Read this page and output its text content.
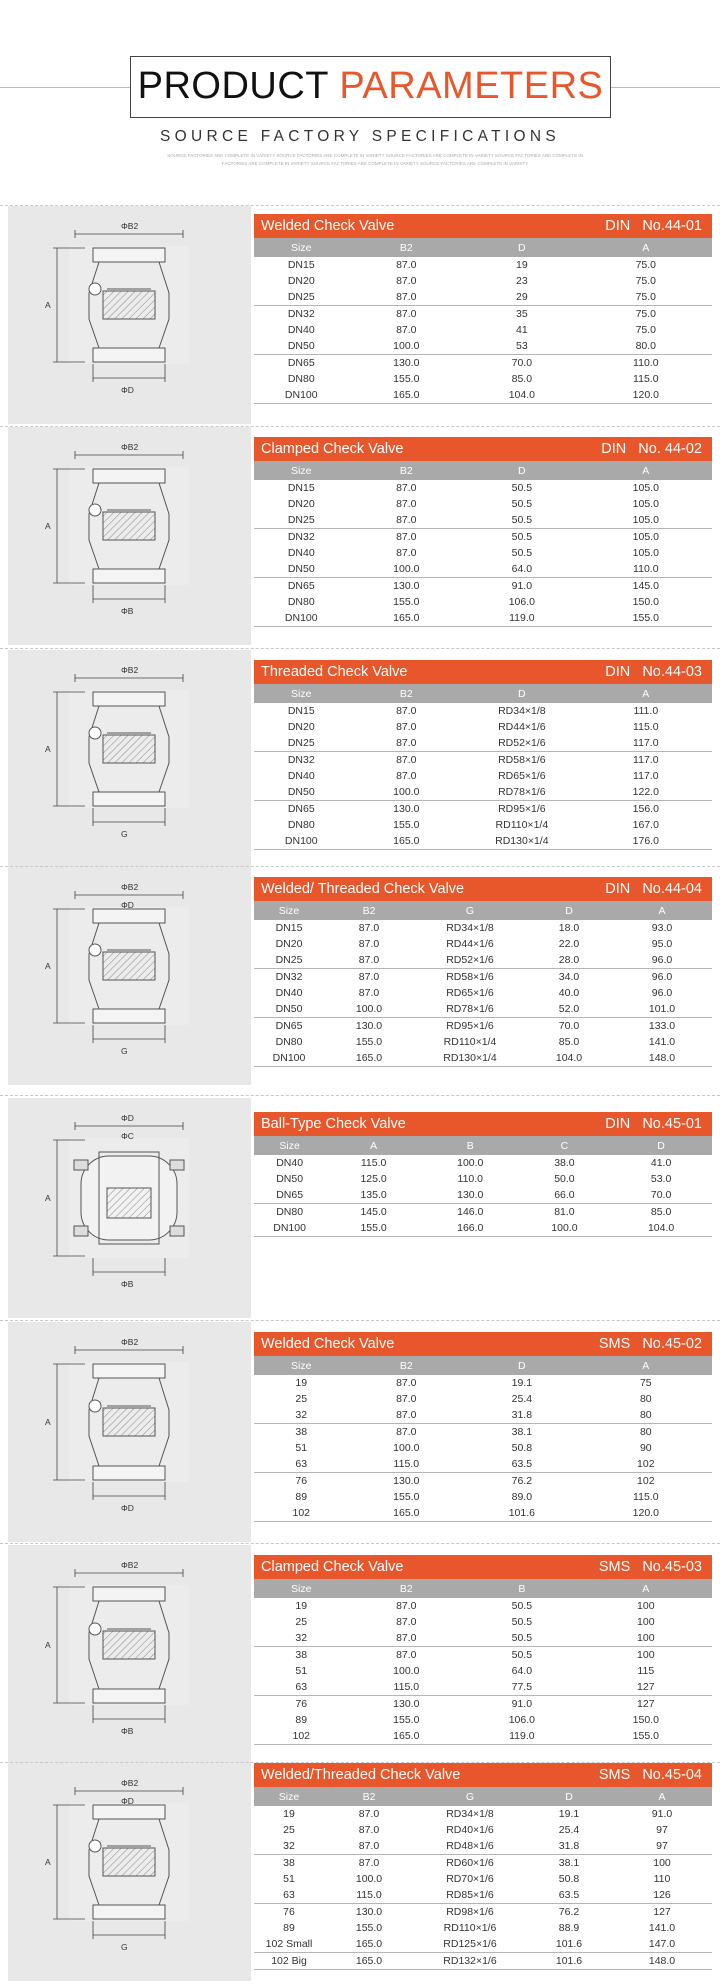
PRODUCT PARAMETERS
SOURCE FACTORY SPECIFICATIONS
SOURCE FACTORIES ARE COMPLETE IN VARIETY SOURCE FACTORIES ARE COMPLETE IN VARIETY SOURCE FACTORIES ARE COMPLETE IN VARIETY SOURCE FACTORIES ARE COMPLETE IN
FACTORIES ARE COMPLETE IN VARIETY SOURCE FACTORIES ARE COMPLETE IN VARIETY SOURCE FACTORIES ARE COMPLETE IN VARIETY
ΦB2
ΦD
A
Welded Check Valve	DIN   No.44-01
Size	B2	D	A
DN15	87.0	19	75.0
DN20	87.0	23	75.0
DN25	87.0	29	75.0
DN32	87.0	35	75.0
DN40	87.0	41	75.0
DN50	100.0	53	80.0
DN65	130.0	70.0	110.0
DN80	155.0	85.0	115.0
DN100	165.0	104.0	120.0
ΦB2
ΦB
A
Clamped Check Valve	DIN   No. 44-02
Size	B2	D	A
DN15	87.0	50.5	105.0
DN20	87.0	50.5	105.0
DN25	87.0	50.5	105.0
DN32	87.0	50.5	105.0
DN40	87.0	50.5	105.0
DN50	100.0	64.0	110.0
DN65	130.0	91.0	145.0
DN80	155.0	106.0	150.0
DN100	165.0	119.0	155.0
ΦB2
G
A
Threaded Check Valve	DIN   No.44-03
Size	B2	D	A
DN15	87.0	RD34×1/8	111.0
DN20	87.0	RD44×1/6	115.0
DN25	87.0	RD52×1/6	117.0
DN32	87.0	RD58×1/6	117.0
DN40	87.0	RD65×1/6	117.0
DN50	100.0	RD78×1/6	122.0
DN65	130.0	RD95×1/6	156.0
DN80	155.0	RD110×1/4	167.0
DN100	165.0	RD130×1/4	176.0
ΦB2
ΦD
G
A
Welded/ Threaded Check Valve	DIN   No.44-04
Size	B2	G	D	A
DN15	87.0	RD34×1/8	18.0	93.0
DN20	87.0	RD44×1/6	22.0	95.0
DN25	87.0	RD52×1/6	28.0	96.0
DN32	87.0	RD58×1/6	34.0	96.0
DN40	87.0	RD65×1/6	40.0	96.0
DN50	100.0	RD78×1/6	52.0	101.0
DN65	130.0	RD95×1/6	70.0	133.0
DN80	155.0	RD110×1/4	85.0	141.0
DN100	165.0	RD130×1/4	104.0	148.0
ΦD
ΦC
ΦB
A
Ball-Type Check Valve	DIN   No.45-01
Size	A	B	C	D
DN40	115.0	100.0	38.0	41.0
DN50	125.0	110.0	50.0	53.0
DN65	135.0	130.0	66.0	70.0
DN80	145.0	146.0	81.0	85.0
DN100	155.0	166.0	100.0	104.0
ΦB2
ΦD
A
Welded Check Valve	SMS   No.45-02
Size	B2	D	A
19	87.0	19.1	75
25	87.0	25.4	80
32	87.0	31.8	80
38	87.0	38.1	80
51	100.0	50.8	90
63	115.0	63.5	102
76	130.0	76.2	102
89	155.0	89.0	115.0
102	165.0	101.6	120.0
ΦB2
ΦB
A
Clamped Check Valve	SMS   No.45-03
Size	B2	B	A
19	87.0	50.5	100
25	87.0	50.5	100
32	87.0	50.5	100
38	87.0	50.5	100
51	100.0	64.0	115
63	115.0	77.5	127
76	130.0	91.0	127
89	155.0	106.0	150.0
102	165.0	119.0	155.0
ΦB2
ΦD
G
A
Welded/Threaded Check Valve	SMS   No.45-04
Size	B2	G	D	A
19	87.0	RD34×1/8	19.1	91.0
25	87.0	RD40×1/6	25.4	97
32	87.0	RD48×1/6	31.8	97
38	87.0	RD60×1/6	38.1	100
51	100.0	RD70×1/6	50.8	110
63	115.0	RD85×1/6	63.5	126
76	130.0	RD98×1/6	76.2	127
89	155.0	RD110×1/6	88.9	141.0
102 Small	165.0	RD125×1/6	101.6	147.0
102 Big	165.0	RD132×1/6	101.6	148.0
